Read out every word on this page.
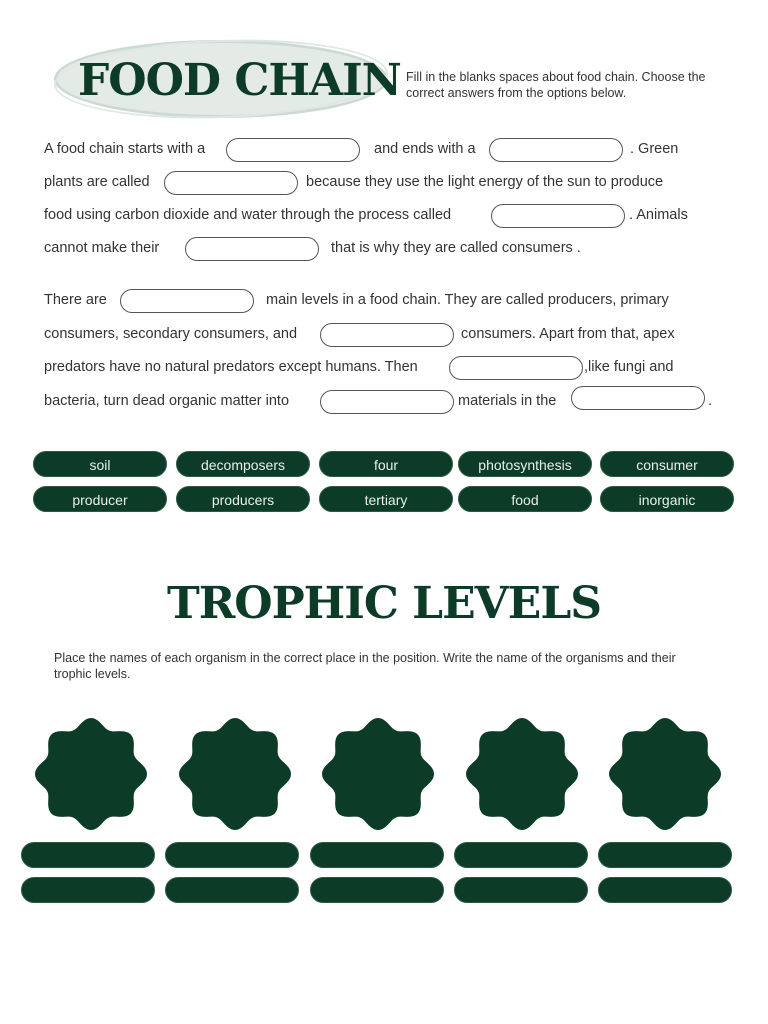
FOOD CHAIN Fill in the blanks spaces about food chain. Choose the correct answers from the options below.
A food chain starts with a	and ends with a	. Green
plants are called	because they use the light energy of the sun to produce
food using carbon dioxide and water through the process called	. Animals
cannot make their	that is why they are called consumers .
There are	main levels in a food chain. They are called producers, primary
consumers, secondary consumers, and	consumers. Apart from that, apex
predators have no natural predators except humans. Then	,like fungi and
bacteria, turn dead organic matter into	materials in the	.
soil	decomposers	four	photosynthesis	consumer
producer	producers	tertiary	food	inorganic
TROPHIC LEVELS
Place the names of each organism in the correct place in the position. Write the name of the organisms and their trophic levels.
